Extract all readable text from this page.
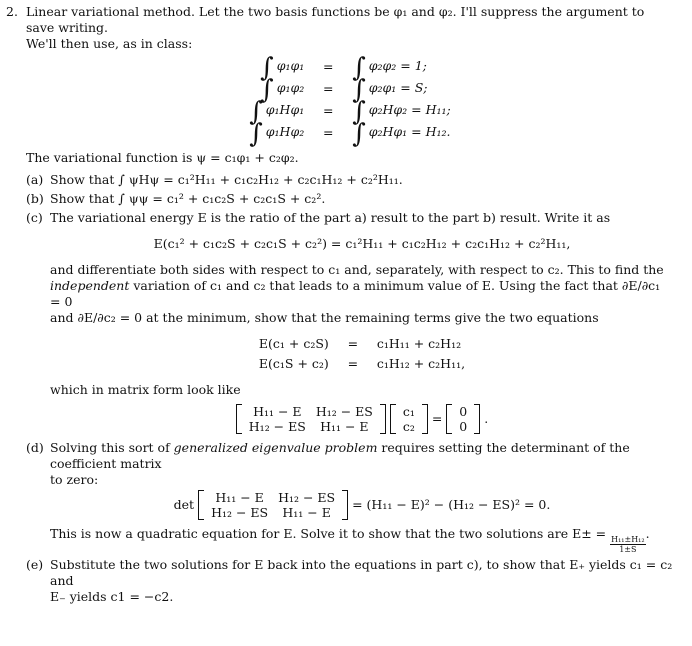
2. Linear variational method. Let the two basis functions be φ₁ and φ₂. I'll suppress the argument to save writing.
We'll then use, as in class:
∫ φ₁φ₁	=	∫ φ₂φ₂ = 1;
∫ φ₁φ₂	=	∫ φ₂φ₁ = S;
∫ φ₁Hφ₁	=	∫ φ₂Hφ₂ = H₁₁;
∫ φ₁Hφ₂	=	∫ φ₂Hφ₁ = H₁₂.
The variational function is ψ = c₁φ₁ + c₂φ₂.
(a) Show that ∫ ψHψ = c₁²H₁₁ + c₁c₂H₁₂ + c₂c₁H₁₂ + c₂²H₁₁.
(b) Show that ∫ ψψ = c₁² + c₁c₂S + c₂c₁S + c₂².
(c) The variational energy E is the ratio of the part a) result to the part b) result. Write it as
E(c₁² + c₁c₂S + c₂c₁S + c₂²) = c₁²H₁₁ + c₁c₂H₁₂ + c₂c₁H₁₂ + c₂²H₁₁,
and differentiate both sides with respect to c₁ and, separately, with respect to c₂. This to find the
independent variation of c₁ and c₂ that leads to a minimum value of E. Using the fact that ∂E/∂c₁ = 0
and ∂E/∂c₂ = 0 at the minimum, show that the remaining terms give the two equations
E(c₁ + c₂S)	=	c₁H₁₁ + c₂H₁₂
E(c₁S + c₂)	=	c₁H₁₂ + c₂H₁₁,
which in matrix form look like
H₁₁ − E	H₁₂ − ES
H₁₂ − ES	H₁₁ − E

c₁
c₂
= 0
0
.
(d) Solving this sort of generalized eigenvalue problem requires setting the determinant of the coefficient matrix
to zero:
det H₁₁ − E	H₁₂ − ES
H₁₂ − ES	H₁₁ − E
= (H₁₁ − E)² − (H₁₂ − ES)² = 0.
This is now a quadratic equation for E. Solve it to show that the two solutions are E± =
$\frac{\text{H₁₁±H₁₂}}{1\pm S}$
.
(e) Substitute the two solutions for E back into the equations in part c), to show that E₊ yields c₁ = c₂ and
E₋ yields c1 = −c2.
